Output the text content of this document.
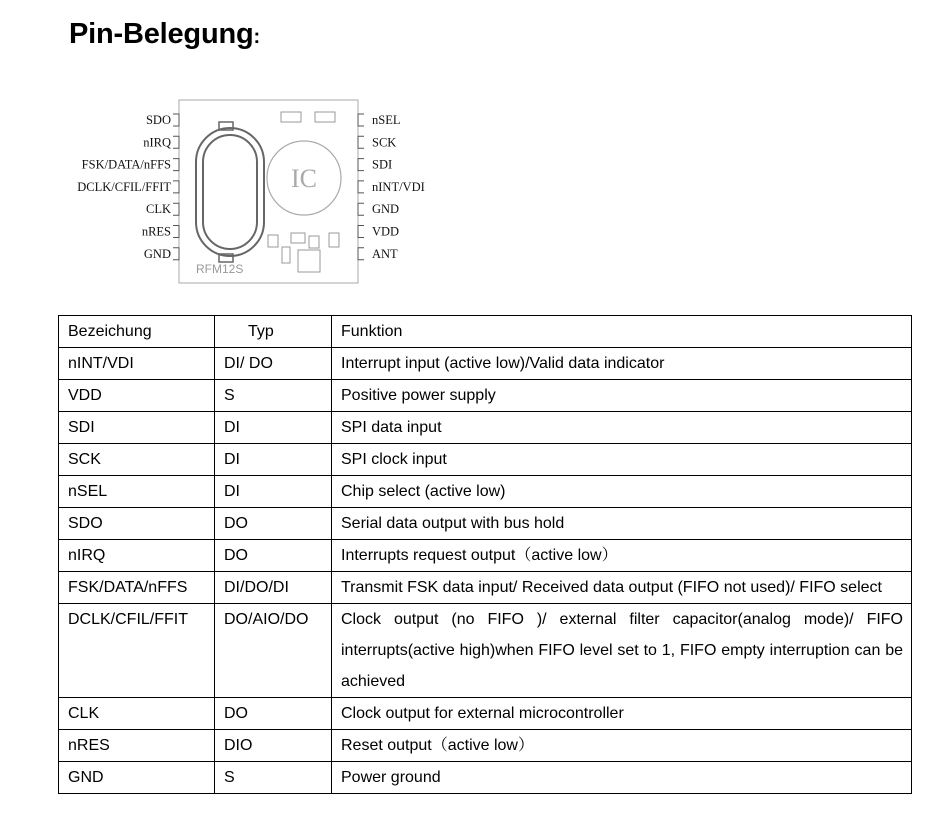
Pin-Belegung:
IC
RFM12S
SDO
nIRQ
FSK/DATA/nFFS
DCLK/CFIL/FFIT
CLK
nRES
GND
nSEL
SCK
SDI
nINT/VDI
GND
VDD
ANT
Bezeichung	Typ	Funktion
nINT/VDI	DI/ DO	Interrupt input (active low)/Valid data indicator
VDD	S	Positive power supply
SDI	DI	SPI data input
SCK	DI	SPI clock input
nSEL	DI	Chip select (active low)
SDO	DO	Serial data output with bus hold
nIRQ	DO	Interrupts request output（active low）
FSK/DATA/nFFS	DI/DO/DI	Transmit FSK data input/ Received data output (FIFO not used)/ FIFO select
DCLK/CFIL/FFIT	DO/AIO/DO	Clock output (no FIFO )/ external filter capacitor(analog mode)/ FIFO interrupts(active high)when FIFO level set to 1, FIFO empty interruption can be achieved
CLK	DO	Clock output for external microcontroller
nRES	DIO	Reset output（active low）
GND	S	Power ground
